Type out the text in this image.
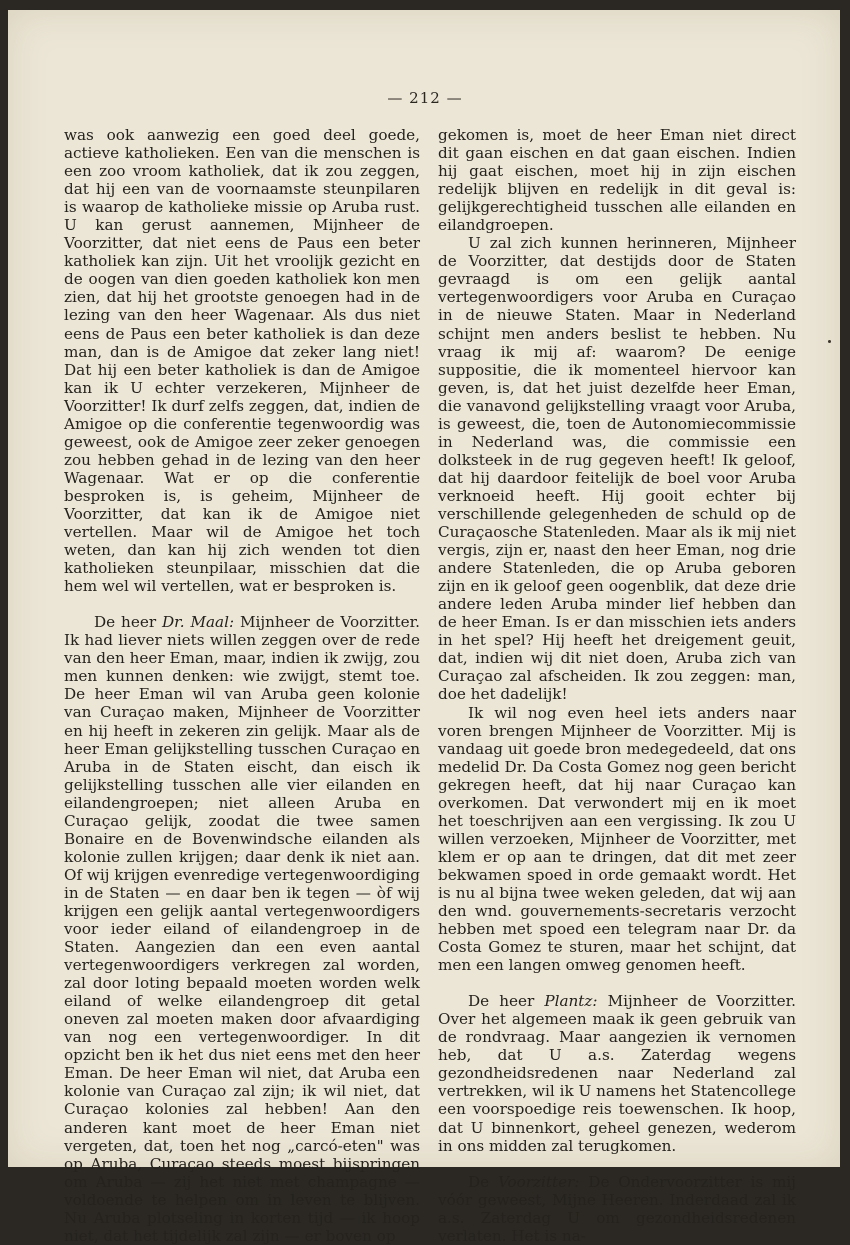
— 212 —

was ook aanwezig een goed deel goede, actieve katholieken. Een van die menschen is een zoo vroom katholiek, dat ik zou zeggen, dat hij een van de voornaamste steunpilaren is waarop de katholieke missie op Aruba rust. U kan gerust aannemen, Mijnheer de Voorzitter, dat niet eens de Paus een beter katholiek kan zijn. Uit het vroolijk gezicht en de oogen van dien goeden katholiek kon men zien, dat hij het grootste genoegen had in de lezing van den heer Wagenaar. Als dus niet eens de Paus een beter katholiek is dan deze man, dan is de Amigoe dat zeker lang niet! Dat hij een beter katholiek is dan de Amigoe kan ik U echter verzekeren, Mijnheer de Voorzitter! Ik durf zelfs zeggen, dat, indien de Amigoe op die conferentie tegenwoordig was geweest, ook de Amigoe zeer zeker genoegen zou hebben gehad in de lezing van den heer Wagenaar. Wat er op die conferentie besproken is, is geheim, Mijnheer de Voorzitter, dat kan ik de Amigoe niet vertellen. Maar wil de Amigoe het toch weten, dan kan hij zich wenden tot dien katholieken steunpilaar, misschien dat die hem wel wil vertellen, wat er besproken is.

De heer Dr. Maal: Mijnheer de Voorzitter. Ik had liever niets willen zeggen over de rede van den heer Eman, maar, indien ik zwijg, zou men kunnen denken: wie zwijgt, stemt toe. De heer Eman wil van Aruba geen kolonie van Curaçao maken, Mijnheer de Voorzitter en hij heeft in zekeren zin gelijk. Maar als de heer Eman gelijkstelling tusschen Curaçao en Aruba in de Staten eischt, dan eisch ik gelijkstelling tusschen alle vier eilanden en eilandengroepen; niet alleen Aruba en Curaçao gelijk, zoodat die twee samen Bonaire en de Bovenwindsche eilanden als kolonie zullen krijgen; daar denk ik niet aan. Of wij krijgen evenredige vertegenwoordiging in de Staten — en daar ben ik tegen — òf wij krijgen een gelijk aantal vertegenwoordigers voor ieder eiland of eilandengroep in de Staten. Aangezien dan een even aantal vertegenwoordigers verkregen zal worden, zal door loting bepaald moeten worden welk eiland of welke eilandengroep dit getal oneven zal moeten maken door afvaardiging van nog een vertegenwoordiger. In dit opzicht ben ik het dus niet eens met den heer Eman. De heer Eman wil niet, dat Aruba een kolonie van Curaçao zal zijn; ik wil niet, dat Curaçao kolonies zal hebben! Aan den anderen kant moet de heer Eman niet vergeten, dat, toen het nog „carcó-eten" was op Aruba, Curaçao steeds moest bijspringen om Aruba — zij het niet met champagne — voldoende te helpen om in leven te blijven. Nu Aruba plotseling in korten tijd — ik hoop niet, dat het tijdelijk zal zijn — er boven op

gekomen is, moet de heer Eman niet direct dit gaan eischen en dat gaan eischen. Indien hij gaat eischen, moet hij in zijn eischen redelijk blijven en redelijk in dit geval is: gelijkgerechtigheid tusschen alle eilanden en eilandgroepen.

U zal zich kunnen herinneren, Mijnheer de Voorzitter, dat destijds door de Staten gevraagd is om een gelijk aantal vertegenwoordigers voor Aruba en Curaçao in de nieuwe Staten. Maar in Nederland schijnt men anders beslist te hebben. Nu vraag ik mij af: waarom? De eenige suppositie, die ik momenteel hiervoor kan geven, is, dat het juist dezelfde heer Eman, die vanavond gelijkstelling vraagt voor Aruba, is geweest, die, toen de Autonomiecommissie in Nederland was, die commissie een dolksteek in de rug gegeven heeft! Ik geloof, dat hij daardoor feitelijk de boel voor Aruba verknoeid heeft. Hij gooit echter bij verschillende gelegenheden de schuld op de Curaçaosche Statenleden. Maar als ik mij niet vergis, zijn er, naast den heer Eman, nog drie andere Statenleden, die op Aruba geboren zijn en ik geloof geen oogenblik, dat deze drie andere leden Aruba minder lief hebben dan de heer Eman. Is er dan misschien iets anders in het spel? Hij heeft het dreigement geuit, dat, indien wij dit niet doen, Aruba zich van Curaçao zal afscheiden. Ik zou zeggen: man, doe het dadelijk!

Ik wil nog even heel iets anders naar voren brengen Mijnheer de Voorzitter. Mij is vandaag uit goede bron medegedeeld, dat ons medelid Dr. Da Costa Gomez nog geen bericht gekregen heeft, dat hij naar Curaçao kan overkomen. Dat verwondert mij en ik moet het toeschrijven aan een vergissing. Ik zou U willen verzoeken, Mijnheer de Voorzitter, met klem er op aan te dringen, dat dit met zeer bekwamen spoed in orde gemaakt wordt. Het is nu al bijna twee weken geleden, dat wij aan den wnd. gouvernements-secretaris verzocht hebben met spoed een telegram naar Dr. da Costa Gomez te sturen, maar het schijnt, dat men een langen omweg genomen heeft.

De heer Plantz: Mijnheer de Voorzitter. Over het algemeen maak ik geen gebruik van de rondvraag. Maar aangezien ik vernomen heb, dat U a.s. Zaterdag wegens gezondheidsredenen naar Nederland zal vertrekken, wil ik U namens het Statencollege een voorspoedige reis toewenschen. Ik hoop, dat U binnenkort, geheel genezen, wederom in ons midden zal terugkomen.

De Voorzitter: De Ondervoorzitter is mij vóór geweest, Mijne Heeren. Inderdaad zal ik a.s. Zaterdag U om gezondheidsredenen verlaten. Het is na-
